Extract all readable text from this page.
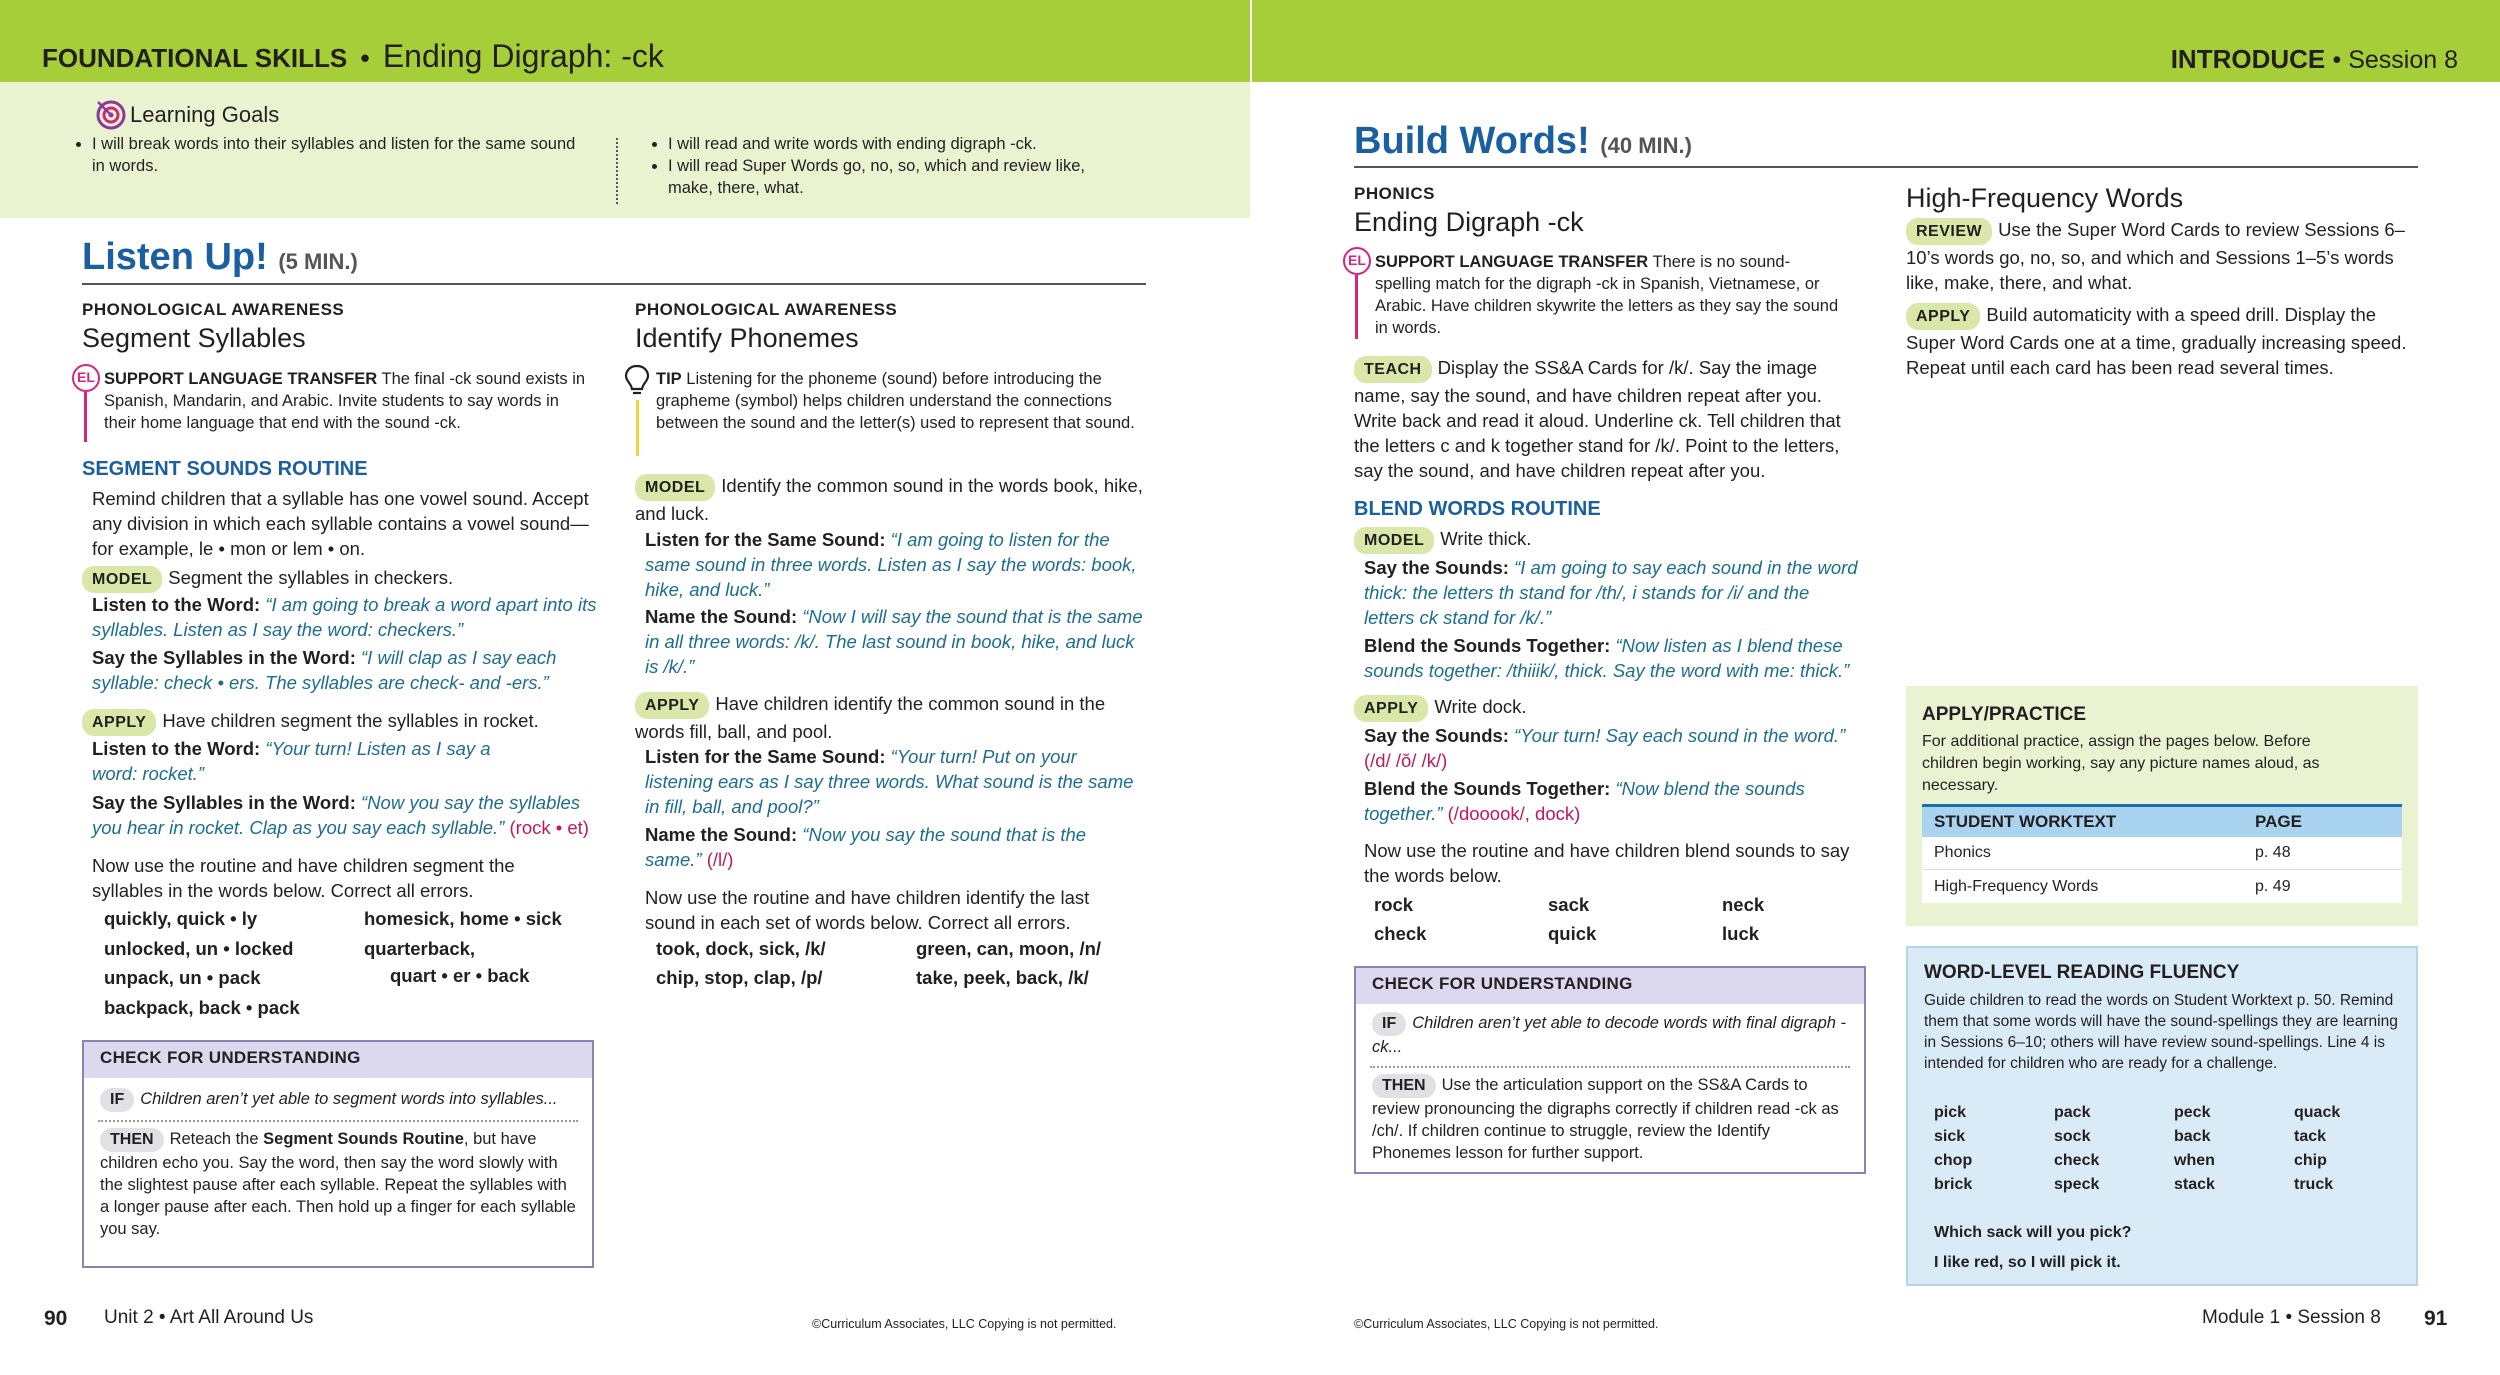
FOUNDATIONAL SKILLS • Ending Digraph: -ck	INTRODUCE • Session 8
Learning Goals
• I will break words into their syllables and listen for the same sound in words.
• I will read and write words with ending digraph -ck.
• I will read Super Words go, no, so, which and review like, make, there, what.
Listen Up! (5 MIN.)
PHONOLOGICAL AWARENESS
Segment Syllables
EL SUPPORT LANGUAGE TRANSFER The final -ck sound exists in Spanish, Mandarin, and Arabic. Invite students to say words in their home language that end with the sound -ck.
SEGMENT SOUNDS ROUTINE
Remind children that a syllable has one vowel sound. Accept any division in which each syllable contains a vowel sound—for example, le • mon or lem • on.
MODEL Segment the syllables in checkers.
Listen to the Word: “I am going to break a word apart into its syllables. Listen as I say the word: checkers.”
Say the Syllables in the Word: “I will clap as I say each syllable: check • ers. The syllables are check- and -ers.”
APPLY Have children segment the syllables in rocket.
Listen to the Word: “Your turn! Listen as I say a word: rocket.”
Say the Syllables in the Word: “Now you say the syllables you hear in rocket. Clap as you say each syllable.” (rock • et)
Now use the routine and have children segment the syllables in the words below. Correct all errors.
quickly, quick • ly	homesick, home • sick
unlocked, un • locked	quarterback,
unpack, un • pack	quart • er • back
backpack, back • pack
CHECK FOR UNDERSTANDING
IF Children aren’t yet able to segment words into syllables...
THEN Reteach the Segment Sounds Routine, but have children echo you. Say the word, then say the word slowly with the slightest pause after each syllable. Repeat the syllables with a longer pause after each. Then hold up a finger for each syllable you say.
PHONOLOGICAL AWARENESS
Identify Phonemes
TIP Listening for the phoneme (sound) before introducing the grapheme (symbol) helps children understand the connections between the sound and the letter(s) used to represent that sound.
MODEL Identify the common sound in the words book, hike, and luck.
Listen for the Same Sound: “I am going to listen for the same sound in three words. Listen as I say the words: book, hike, and luck.”
Name the Sound: “Now I will say the sound that is the same in all three words: /k/. The last sound in book, hike, and luck is /k/.”
APPLY Have children identify the common sound in the words fill, ball, and pool.
Listen for the Same Sound: “Your turn! Put on your listening ears as I say three words. What sound is the same in fill, ball, and pool?”
Name the Sound: “Now you say the sound that is the same.” (/l/)
Now use the routine and have children identify the last sound in each set of words below. Correct all errors.
took, dock, sick, /k/	green, can, moon, /n/
chip, stop, clap, /p/	take, peek, back, /k/
Build Words! (40 MIN.)
PHONICS
Ending Digraph -ck
EL SUPPORT LANGUAGE TRANSFER There is no sound-spelling match for the digraph -ck in Spanish, Vietnamese, or Arabic. Have children skywrite the letters as they say the sound in words.
TEACH Display the SS&A Cards for /k/. Say the image name, say the sound, and have children repeat after you. Write back and read it aloud. Underline ck. Tell children that the letters c and k together stand for /k/. Point to the letters, say the sound, and have children repeat after you.
BLEND WORDS ROUTINE
MODEL Write thick.
Say the Sounds: “I am going to say each sound in the word thick: the letters th stand for /th/, i stands for /i/ and the letters ck stand for /k/.”
Blend the Sounds Together: “Now listen as I blend these sounds together: /thiiik/, thick. Say the word with me: thick.”
APPLY Write dock.
Say the Sounds: “Your turn! Say each sound in the word.”
(/d/ /ŏ/ /k/)
Blend the Sounds Together: “Now blend the sounds together.” (/dooook/, dock)
Now use the routine and have children blend sounds to say the words below.
rock	sack	neck
check	quick	luck
CHECK FOR UNDERSTANDING
IF Children aren’t yet able to decode words with final digraph -ck...
THEN Use the articulation support on the SS&A Cards to review pronouncing the digraphs correctly if children read -ck as /ch/. If children continue to struggle, review the Identify Phonemes lesson for further support.
High-Frequency Words
REVIEW Use the Super Word Cards to review Sessions 6–10’s words go, no, so, and which and Sessions 1–5’s words like, make, there, and what.
APPLY Build automaticity with a speed drill. Display the Super Word Cards one at a time, gradually increasing speed. Repeat until each card has been read several times.
APPLY/PRACTICE
For additional practice, assign the pages below. Before children begin working, say any picture names aloud, as necessary.
STUDENT WORKTEXT	PAGE
Phonics	p. 48
High-Frequency Words	p. 49
WORD-LEVEL READING FLUENCY
Guide children to read the words on Student Worktext p. 50. Remind them that some words will have the sound-spellings they are learning in Sessions 6–10; others will have review sound-spellings. Line 4 is intended for children who are ready for a challenge.
pick	pack	peck	quack
sick	sock	back	tack
chop	check	when	chip
brick	speck	stack	truck
Which sack will you pick?
I like red, so I will pick it.
90 Unit 2 • Art All Around Us	©Curriculum Associates, LLC Copying is not permitted.	©Curriculum Associates, LLC Copying is not permitted.	Module 1 • Session 8 91
